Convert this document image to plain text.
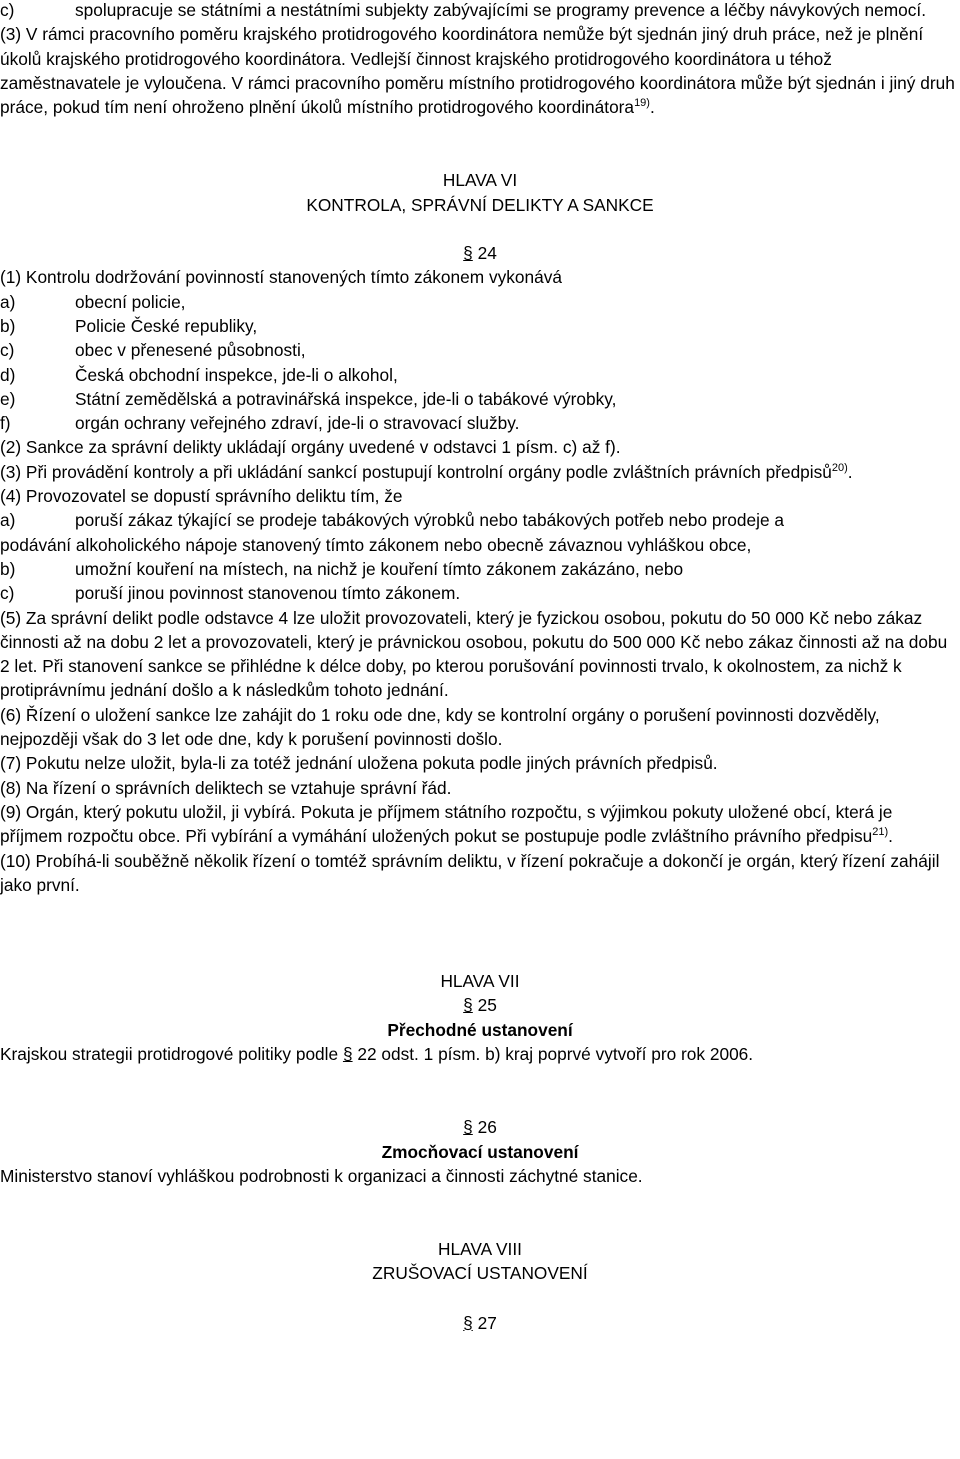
c)	spolupracuje se státními a nestátními subjekty zabývajícími se programy prevence a léčby návykových nemocí.

(3) V rámci pracovního poměru krajského protidrogového koordinátora nemůže být sjednán jiný druh práce, než je plnění úkolů krajského protidrogového koordinátora. Vedlejší činnost krajského protidrogového koordinátora u téhož zaměstnavatele je vyloučena. V rámci pracovního poměru místního protidrogového koordinátora může být sjednán i jiný druh práce, pokud tím není ohroženo plnění úkolů místního protidrogového koordinátora$^{19)}$.

HLAVA VI

KONTROLA, SPRÁVNÍ DELIKTY A SANKCE

§ 24

(1) Kontrolu dodržování povinností stanovených tímto zákonem vykonává

a)	obecní policie,
b)	Policie České republiky,
c)	obec v přenesené působnosti,
d)	Česká obchodní inspekce, jde-li o alkohol,
e)	Státní zemědělská a potravinářská inspekce, jde-li o tabákové výrobky,
f)	orgán ochrany veřejného zdraví, jde-li o stravovací služby.

(2) Sankce za správní delikty ukládají orgány uvedené v odstavci 1 písm. c) až f).

(3) Při provádění kontroly a při ukládání sankcí postupují kontrolní orgány podle zvláštních právních předpisů$^{20)}$.

(4) Provozovatel se dopustí správního deliktu tím, že

a)	poruší zákaz týkající se prodeje tabákových výrobků nebo tabákových potřeb nebo prodeje a

podávání alkoholického nápoje stanovený tímto zákonem nebo obecně závaznou vyhláškou obce,

b)	umožní kouření na místech, na nichž je kouření tímto zákonem zakázáno, nebo
c)	poruší jinou povinnost stanovenou tímto zákonem.

(5) Za správní delikt podle odstavce 4 lze uložit provozovateli, který je fyzickou osobou, pokutu do 50 000 Kč nebo zákaz činnosti až na dobu 2 let a provozovateli, který je právnickou osobou, pokutu do 500 000 Kč nebo zákaz činnosti až na dobu 2 let. Při stanovení sankce se přihlédne k délce doby, po kterou porušování povinnosti trvalo, k okolnostem, za nichž k protiprávnímu jednání došlo a k následkům tohoto jednání.

(6) Řízení o uložení sankce lze zahájit do 1 roku ode dne, kdy se kontrolní orgány o porušení povinnosti dozvěděly, nejpozději však do 3 let ode dne, kdy k porušení povinnosti došlo.

(7) Pokutu nelze uložit, byla-li za totéž jednání uložena pokuta podle jiných právních předpisů.

(8) Na řízení o správních deliktech se vztahuje správní řád.

(9) Orgán, který pokutu uložil, ji vybírá. Pokuta je příjmem státního rozpočtu, s výjimkou pokuty uložené obcí, která je příjmem rozpočtu obce. Při vybírání a vymáhání uložených pokut se postupuje podle zvláštního právního předpisu$^{21)}$.

(10) Probíhá-li souběžně několik řízení o tomtéž správním deliktu, v řízení pokračuje a dokončí je orgán, který řízení zahájil jako první.

HLAVA VII

§ 25

Přechodné ustanovení

Krajskou strategii protidrogové politiky podle § 22 odst. 1 písm. b) kraj poprvé vytvoří pro rok 2006.

§ 26

Zmocňovací ustanovení

Ministerstvo stanoví vyhláškou podrobnosti k organizaci a činnosti záchytné stanice.

HLAVA VIII

ZRUŠOVACÍ USTANOVENÍ

§ 27
